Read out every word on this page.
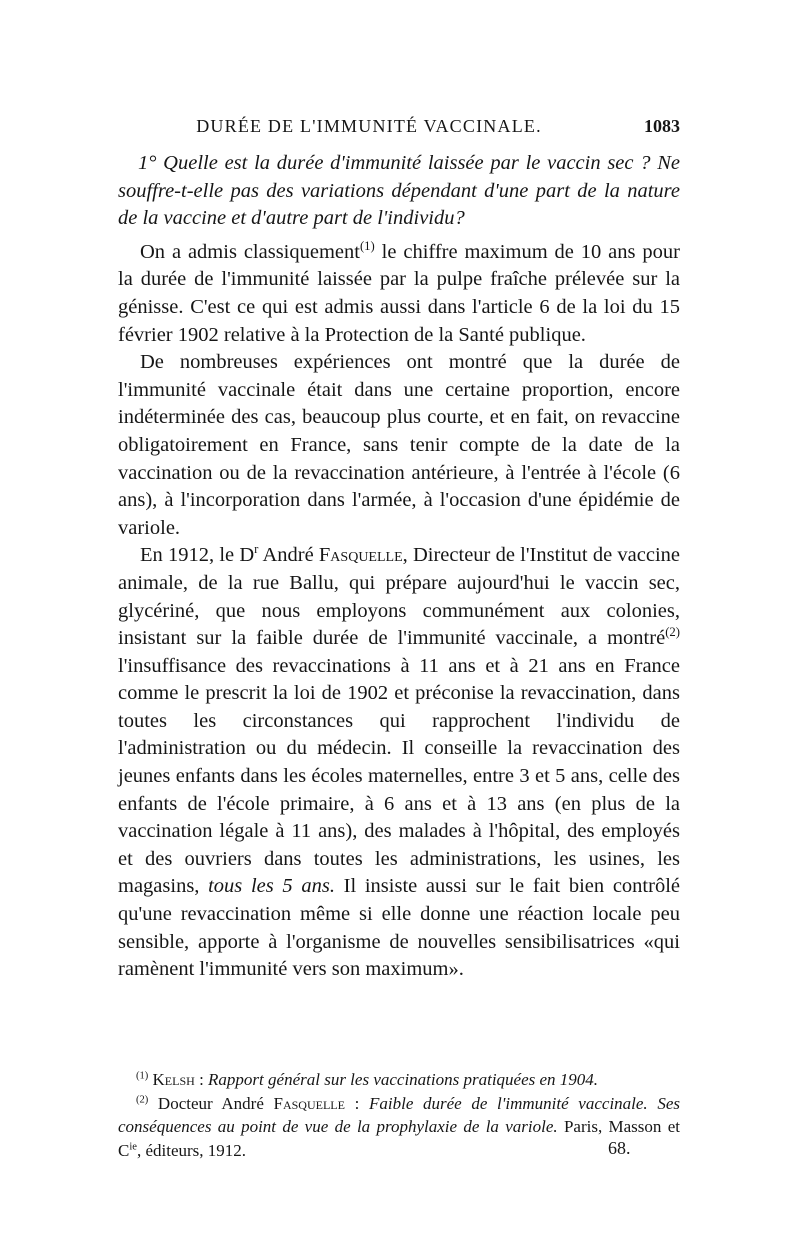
DURÉE DE L'IMMUNITÉ VACCINALE.	1083

1° Quelle est la durée d'immunité laissée par le vaccin sec ? Ne souffre-t-elle pas des variations dépendant d'une part de la nature de la vaccine et d'autre part de l'individu?

On a admis classiquement$^{(1)}$ le chiffre maximum de 10 ans pour la durée de l'immunité laissée par la pulpe fraîche prélevée sur la génisse. C'est ce qui est admis aussi dans l'article 6 de la loi du 15 février 1902 relative à la Protection de la Santé publique.

De nombreuses expériences ont montré que la durée de l'immunité vaccinale était dans une certaine proportion, encore indéterminée des cas, beaucoup plus courte, et en fait, on revaccine obligatoirement en France, sans tenir compte de la date de la vaccination ou de la revaccination antérieure, à l'entrée à l'école (6 ans), à l'incorporation dans l'armée, à l'occasion d'une épidémie de variole.

En 1912, le $D^r$ André Fasquelle, Directeur de l'Institut de vaccine animale, de la rue Ballu, qui prépare aujourd'hui le vaccin sec, glycériné, que nous employons communément aux colonies, insistant sur la faible durée de l'immunité vaccinale, a montré$^{(2)}$ l'insuffisance des revaccinations à 11 ans et à 21 ans en France comme le prescrit la loi de 1902 et préconise la revaccination, dans toutes les circonstances qui rapprochent l'individu de l'administration ou du médecin. Il conseille la revaccination des jeunes enfants dans les écoles maternelles, entre 3 et 5 ans, celle des enfants de l'école primaire, à 6 ans et à 13 ans (en plus de la vaccination légale à 11 ans), des malades à l'hôpital, des employés et des ouvriers dans toutes les administrations, les usines, les magasins, tous les 5 ans. Il insiste aussi sur le fait bien contrôlé qu'une revaccination même si elle donne une réaction locale peu sensible, apporte à l'organisme de nouvelles sensibilisatrices «qui ramènent l'immunité vers son maximum».

$^{(1)}$ Kelsh : Rapport général sur les vaccinations pratiquées en 1904.

$^{(2)}$ Docteur André Fasquelle : Faible durée de l'immunité vaccinale. Ses conséquences au point de vue de la prophylaxie de la variole. Paris, Masson et $C^{ie}$, éditeurs, 1912.	68.
